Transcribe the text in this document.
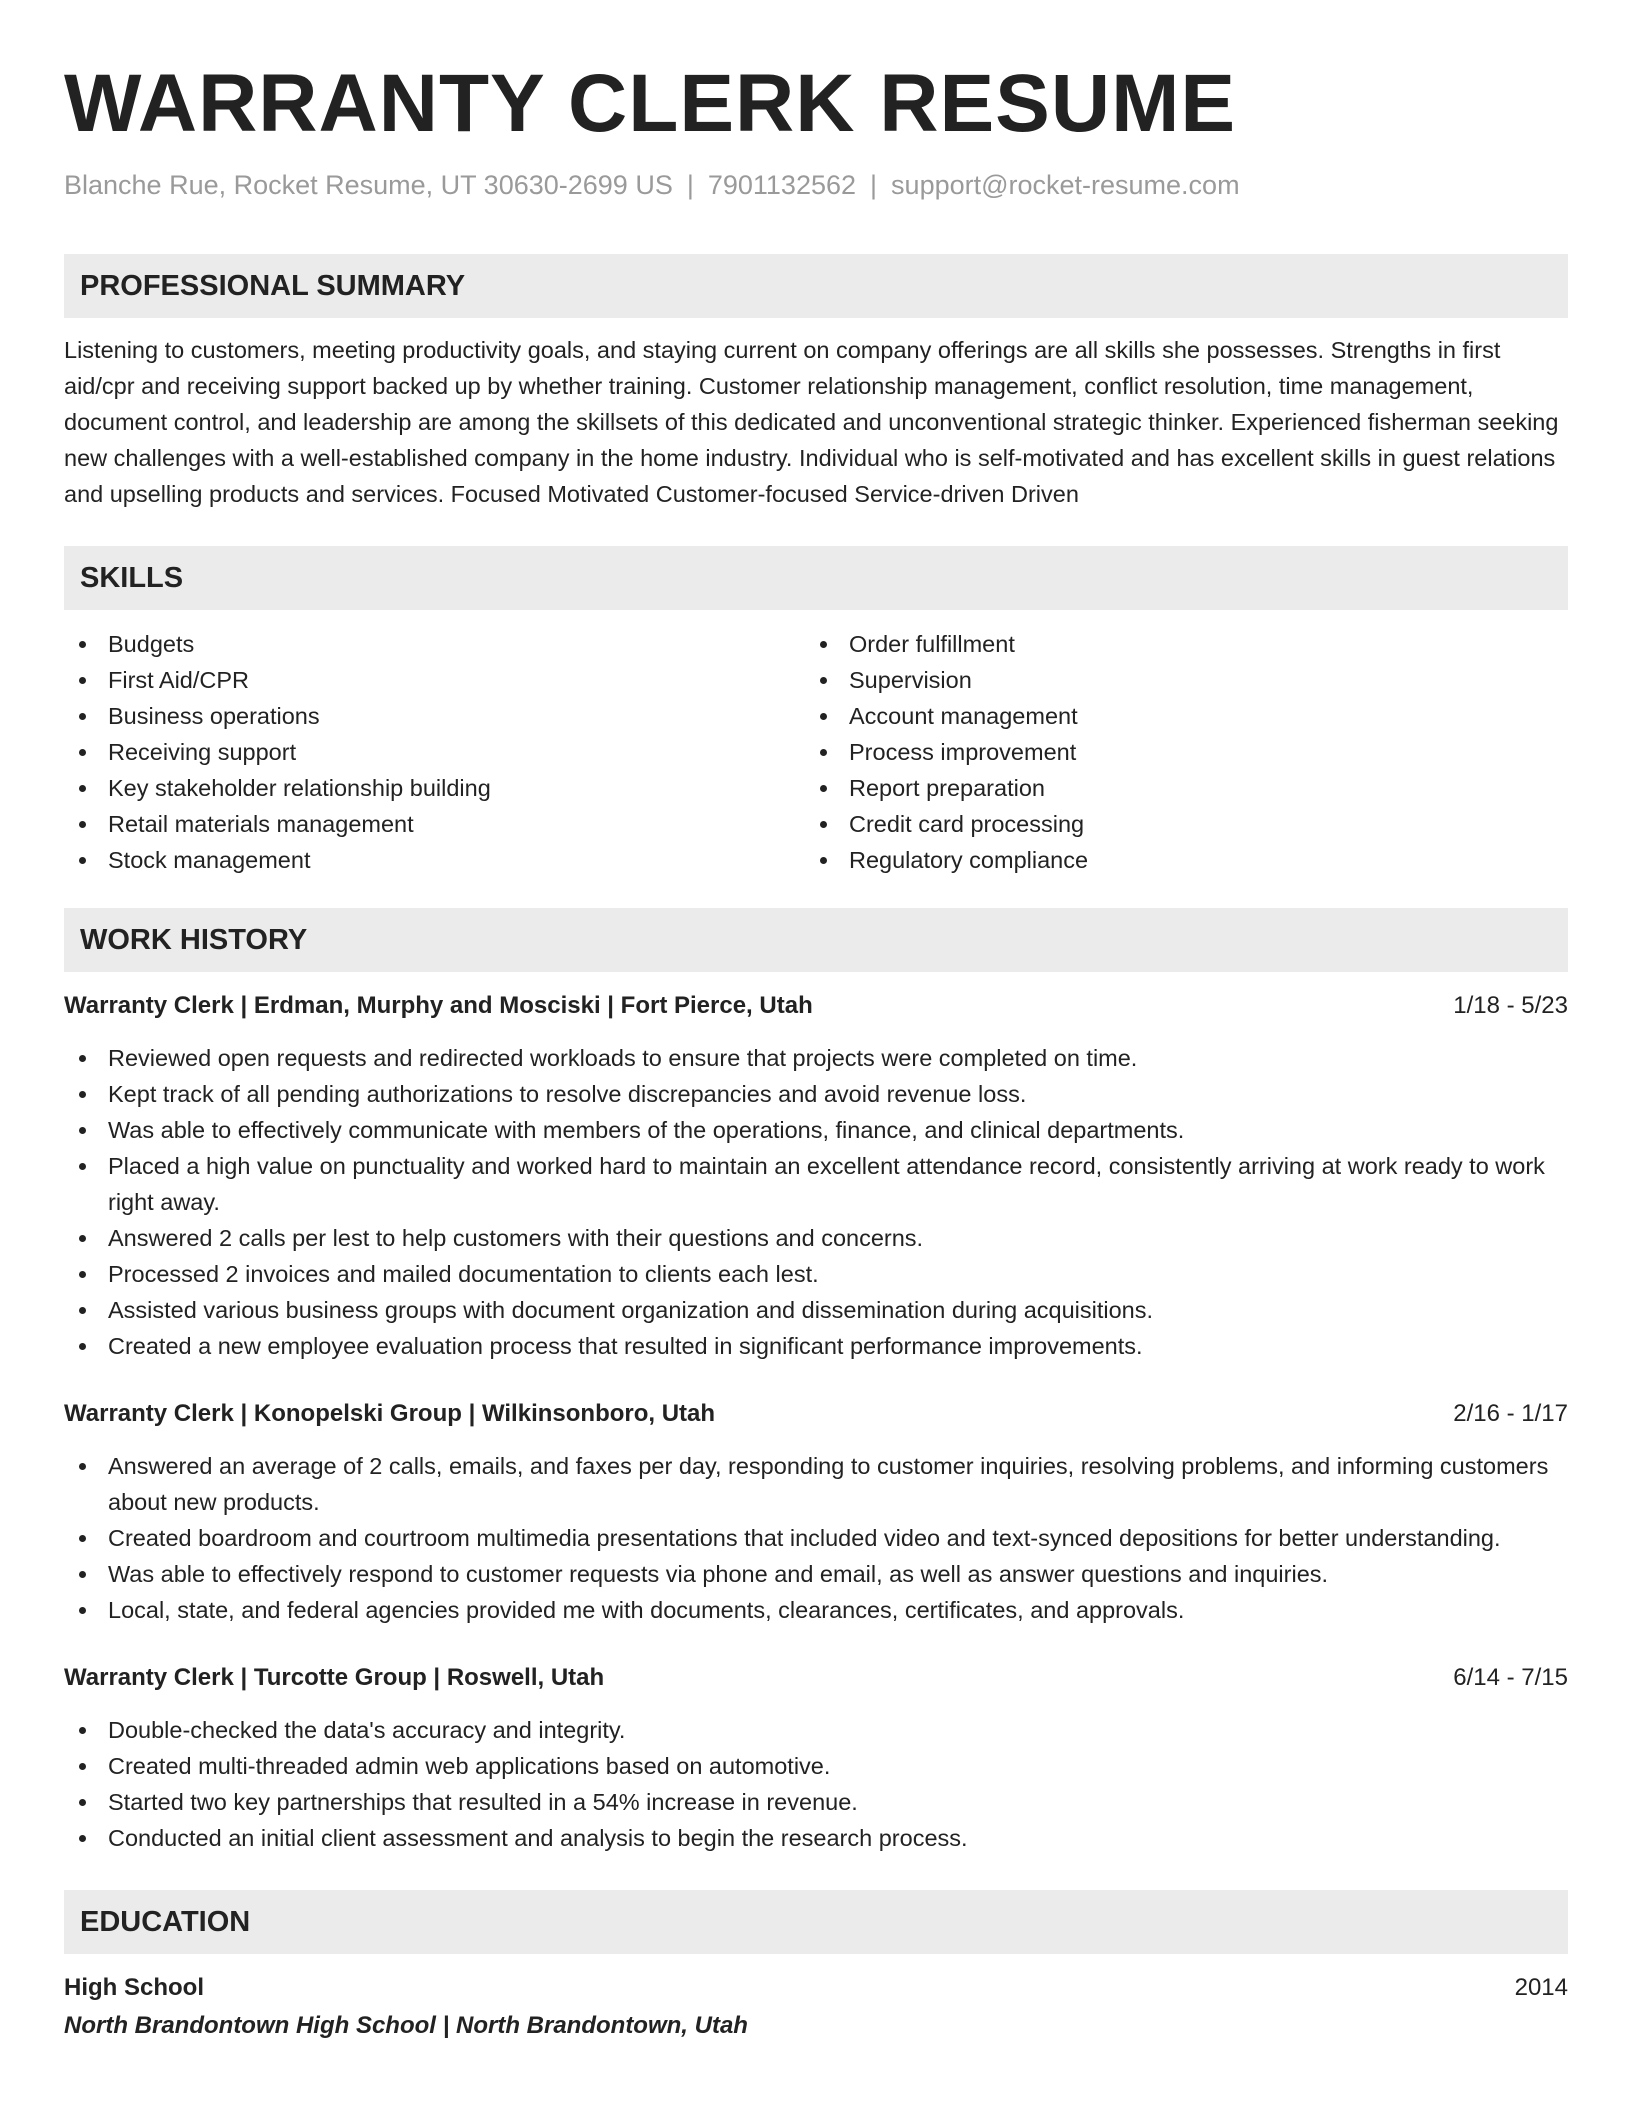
WARRANTY CLERK RESUME
Blanche Rue, Rocket Resume, UT 30630-2699 US | 7901132562 | support@rocket-resume.com
PROFESSIONAL SUMMARY
Listening to customers, meeting productivity goals, and staying current on company offerings are all skills she possesses. Strengths in first aid/cpr and receiving support backed up by whether training. Customer relationship management, conflict resolution, time management, document control, and leadership are among the skillsets of this dedicated and unconventional strategic thinker. Experienced fisherman seeking new challenges with a well-established company in the home industry. Individual who is self-motivated and has excellent skills in guest relations and upselling products and services. Focused Motivated Customer-focused Service-driven Driven
SKILLS
Budgets
First Aid/CPR
Business operations
Receiving support
Key stakeholder relationship building
Retail materials management
Stock management
Order fulfillment
Supervision
Account management
Process improvement
Report preparation
Credit card processing
Regulatory compliance
WORK HISTORY
Warranty Clerk | Erdman, Murphy and Mosciski | Fort Pierce, Utah	1/18 - 5/23
Reviewed open requests and redirected workloads to ensure that projects were completed on time.
Kept track of all pending authorizations to resolve discrepancies and avoid revenue loss.
Was able to effectively communicate with members of the operations, finance, and clinical departments.
Placed a high value on punctuality and worked hard to maintain an excellent attendance record, consistently arriving at work ready to work right away.
Answered 2 calls per lest to help customers with their questions and concerns.
Processed 2 invoices and mailed documentation to clients each lest.
Assisted various business groups with document organization and dissemination during acquisitions.
Created a new employee evaluation process that resulted in significant performance improvements.
Warranty Clerk | Konopelski Group | Wilkinsonboro, Utah	2/16 - 1/17
Answered an average of 2 calls, emails, and faxes per day, responding to customer inquiries, resolving problems, and informing customers about new products.
Created boardroom and courtroom multimedia presentations that included video and text-synced depositions for better understanding.
Was able to effectively respond to customer requests via phone and email, as well as answer questions and inquiries.
Local, state, and federal agencies provided me with documents, clearances, certificates, and approvals.
Warranty Clerk | Turcotte Group | Roswell, Utah	6/14 - 7/15
Double-checked the data's accuracy and integrity.
Created multi-threaded admin web applications based on automotive.
Started two key partnerships that resulted in a 54% increase in revenue.
Conducted an initial client assessment and analysis to begin the research process.
EDUCATION
High School	2014
North Brandontown High School | North Brandontown, Utah
